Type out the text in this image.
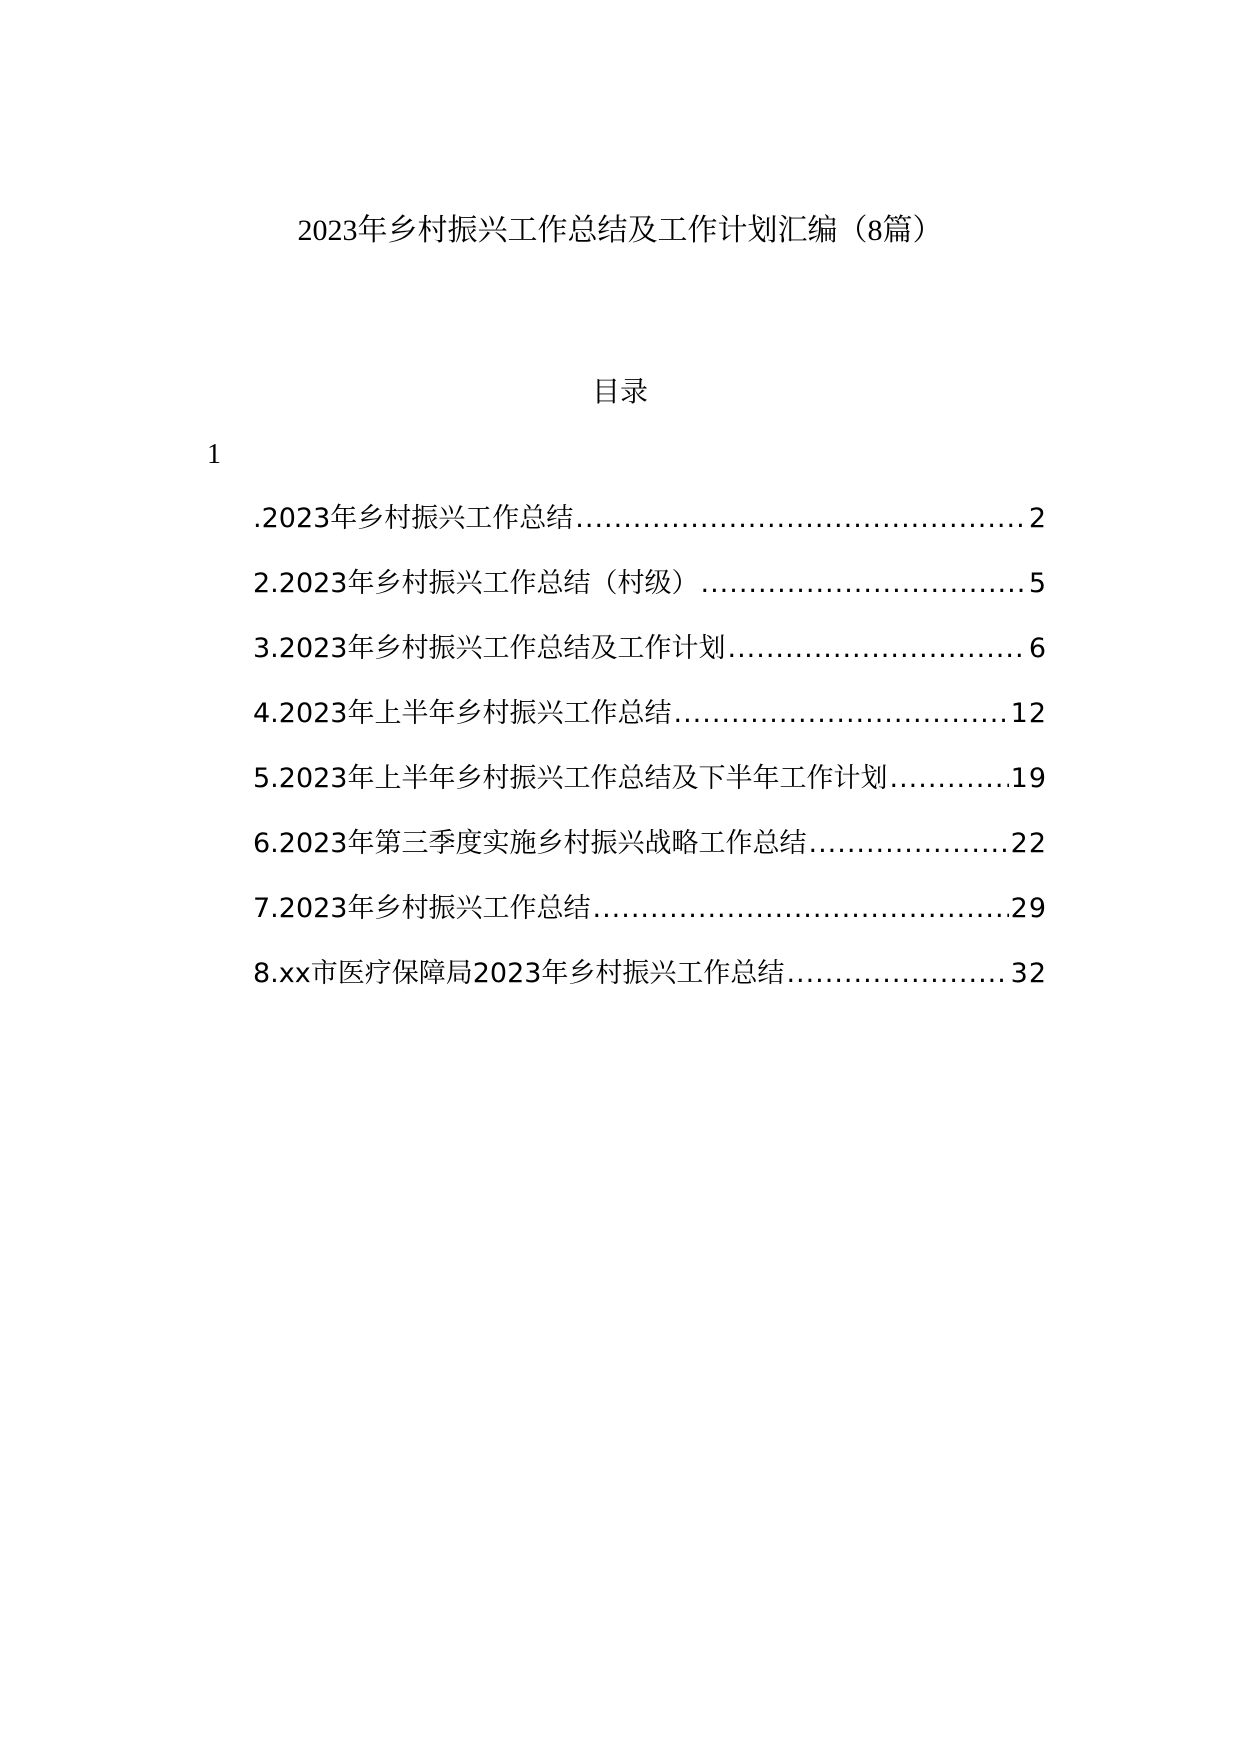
2023年乡村振兴工作总结及工作计划汇编（8篇）
目录
1
.2023年乡村振兴工作总结 .....	2
2.2023年乡村振兴工作总结（村级） .....	5
3.2023年乡村振兴工作总结及工作计划 .....	6
4.2023年上半年乡村振兴工作总结 .....	12
5.2023年上半年乡村振兴工作总结及下半年工作计划 .....	19
6.2023年第三季度实施乡村振兴战略工作总结 .....	22
7.2023年乡村振兴工作总结 .....	29
8.xx市医疗保障局2023年乡村振兴工作总结 .....	32
